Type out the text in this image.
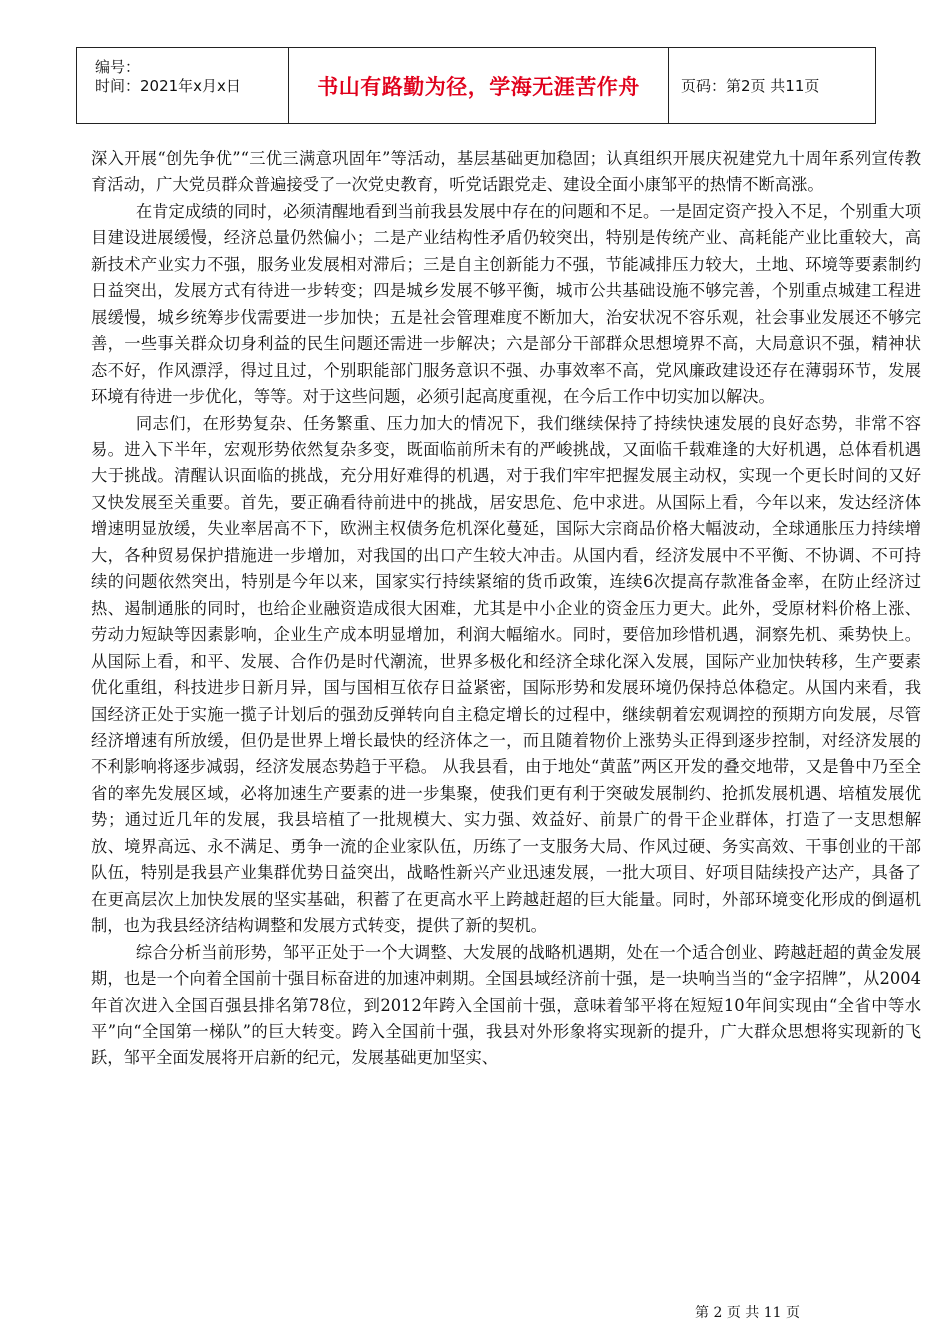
编号：
时间：2021年x月x日	书山有路勤为径，学海无涯苦作舟	页码：第2页 共11页

深入开展“创先争优”“三优三满意巩固年”等活动，基层基础更加稳固；认真组织开展庆祝建党九十周年系列宣传教育活动，广大党员群众普遍接受了一次党史教育，听党话跟党走、建设全面小康邹平的热情不断高涨。

在肯定成绩的同时，必须清醒地看到当前我县发展中存在的问题和不足。一是固定资产投入不足，个别重大项目建设进展缓慢，经济总量仍然偏小；二是产业结构性矛盾仍较突出，特别是传统产业、高耗能产业比重较大，高新技术产业实力不强，服务业发展相对滞后；三是自主创新能力不强，节能减排压力较大，土地、环境等要素制约日益突出，发展方式有待进一步转变；四是城乡发展不够平衡，城市公共基础设施不够完善，个别重点城建工程进展缓慢，城乡统筹步伐需要进一步加快；五是社会管理难度不断加大，治安状况不容乐观，社会事业发展还不够完善，一些事关群众切身利益的民生问题还需进一步解决；六是部分干部群众思想境界不高，大局意识不强，精神状态不好，作风漂浮，得过且过，个别职能部门服务意识不强、办事效率不高，党风廉政建设还存在薄弱环节，发展环境有待进一步优化，等等。对于这些问题，必须引起高度重视，在今后工作中切实加以解决。

同志们，在形势复杂、任务繁重、压力加大的情况下，我们继续保持了持续快速发展的良好态势，非常不容易。进入下半年，宏观形势依然复杂多变，既面临前所未有的严峻挑战，又面临千载难逢的大好机遇，总体看机遇大于挑战。清醒认识面临的挑战，充分用好难得的机遇，对于我们牢牢把握发展主动权，实现一个更长时间的又好又快发展至关重要。首先，要正确看待前进中的挑战，居安思危、危中求进。从国际上看，今年以来，发达经济体增速明显放缓，失业率居高不下，欧洲主权债务危机深化蔓延，国际大宗商品价格大幅波动，全球通胀压力持续增大，各种贸易保护措施进一步增加，对我国的出口产生较大冲击。从国内看，经济发展中不平衡、不协调、不可持续的问题依然突出，特别是今年以来，国家实行持续紧缩的货币政策，连续6次提高存款准备金率，在防止经济过热、遏制通胀的同时，也给企业融资造成很大困难，尤其是中小企业的资金压力更大。此外，受原材料价格上涨、劳动力短缺等因素影响，企业生产成本明显增加，利润大幅缩水。同时，要倍加珍惜机遇，洞察先机、乘势快上。从国际上看，和平、发展、合作仍是时代潮流，世界多极化和经济全球化深入发展，国际产业加快转移，生产要素优化重组，科技进步日新月异，国与国相互依存日益紧密，国际形势和发展环境仍保持总体稳定。从国内来看，我国经济正处于实施一揽子计划后的强劲反弹转向自主稳定增长的过程中，继续朝着宏观调控的预期方向发展，尽管经济增速有所放缓，但仍是世界上增长最快的经济体之一，而且随着物价上涨势头正得到逐步控制，对经济发展的不利影响将逐步减弱，经济发展态势趋于平稳。 从我县看，由于地处“黄蓝”两区开发的叠交地带，又是鲁中乃至全省的率先发展区域，必将加速生产要素的进一步集聚，使我们更有利于突破发展制约、抢抓发展机遇、培植发展优势；通过近几年的发展，我县培植了一批规模大、实力强、效益好、前景广的骨干企业群体，打造了一支思想解放、境界高远、永不满足、勇争一流的企业家队伍，历练了一支服务大局、作风过硬、务实高效、干事创业的干部队伍，特别是我县产业集群优势日益突出，战略性新兴产业迅速发展，一批大项目、好项目陆续投产达产，具备了在更高层次上加快发展的坚实基础，积蓄了在更高水平上跨越赶超的巨大能量。同时，外部环境变化形成的倒逼机制，也为我县经济结构调整和发展方式转变，提供了新的契机。

综合分析当前形势，邹平正处于一个大调整、大发展的战略机遇期，处在一个适合创业、跨越赶超的黄金发展期，也是一个向着全国前十强目标奋进的加速冲刺期。全国县域经济前十强，是一块响当当的“金字招牌”，从2004年首次进入全国百强县排名第78位，到2012年跨入全国前十强，意味着邹平将在短短10年间实现由“全省中等水平”向“全国第一梯队”的巨大转变。跨入全国前十强，我县对外形象将实现新的提升，广大群众思想将实现新的飞跃，邹平全面发展将开启新的纪元，发展基础更加坚实、

第 2 页 共 11 页
